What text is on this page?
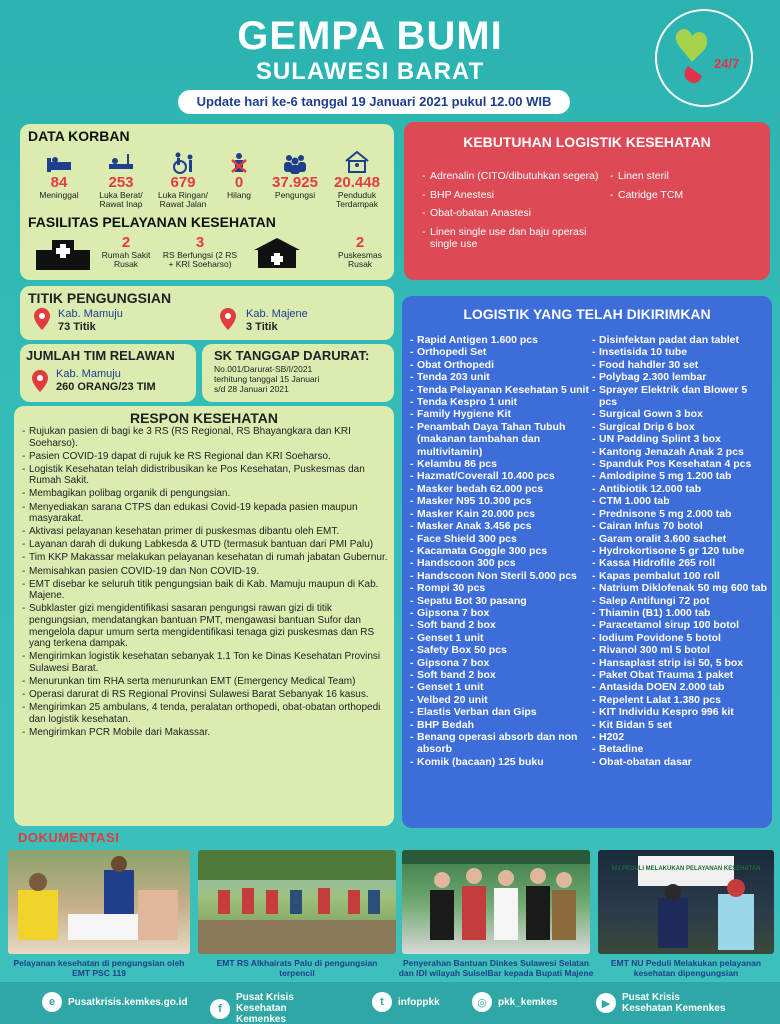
GEMPA BUMI
SULAWESI BARAT
Update hari ke-6 tanggal 19 Januari 2021 pukul 12.00 WIB
24/7
DATA KORBAN
84
Meninggal
253
Luka Berat/ Rawat Inap
679
Luka Ringan/ Rawat Jalan
0
Hilang
37.925
Pengungsi
20.448
Penduduk Terdampak
FASILITAS PELAYANAN KESEHATAN
2
Rumah Sakit Rusak
3
RS Berfungsi (2 RS + KRI Soeharso)
2
Puskesmas Rusak
KEBUTUHAN LOGISTIK KESEHATAN
- Adrenalin (CITO/dibutuhkan segera)
- BHP Anestesi
- Obat-obatan Anastesi
- Linen single use dan baju operasi single use
- Linen steril
- Catridge TCM
TITIK PENGUNGSIAN
Kab. Mamuju
73 Titik
Kab. Majene
3 Titik
JUMLAH TIM RELAWAN
Kab. Mamuju
260 ORANG/23 TIM
SK TANGGAP DARURAT:
No.001/Darurat-SB/I/2021
terhitung tanggal 15 Januari
s/d 28 Januari 2021
RESPON KESEHATAN
- Rujukan pasien di bagi ke 3 RS (RS Regional, RS Bhayangkara dan KRI Soeharso).
- Pasien COVID-19 dapat di rujuk ke RS Regional dan KRI Soeharso.
- Logistik Kesehatan telah didistribusikan ke Pos Kesehatan, Puskesmas dan Rumah Sakit.
- Membagikan polibag organik di pengungsian.
- Menyediakan sarana CTPS dan edukasi Covid-19 kepada pasien maupun masyarakat.
- Aktivasi pelayanan kesehatan primer di puskesmas dibantu oleh EMT.
- Layanan darah di dukung Labkesda & UTD (termasuk bantuan dari PMI Palu)
- Tim KKP Makassar melakukan pelayanan kesehatan di rumah jabatan Gubernur.
- Memisahkan pasien COVID-19 dan Non COVID-19.
- EMT disebar ke seluruh titik pengungsian baik di Kab. Mamuju maupun di Kab. Majene.
- Subklaster gizi mengidentifikasi sasaran pengungsi rawan gizi di titik pengungsian, mendatangkan bantuan PMT, mengawasi bantuan Sufor dan mengelola dapur umum serta mengidentifikasi tenaga gizi puskesmas dan RS yang terkena dampak.
- Mengirimkan logistik kesehatan sebanyak 1.1 Ton ke Dinas Kesehatan Provinsi Sulawesi Barat.
- Menurunkan tim RHA serta menurunkan EMT (Emergency Medical Team)
- Operasi darurat di RS Regional Provinsi Sulawesi Barat Sebanyak 16 kasus.
- Mengirimkan 25 ambulans, 4 tenda, peralatan orthopedi, obat-obatan orthopedi dan logistik kesehatan.
- Mengirimkan PCR Mobile dari Makassar.
LOGISTIK YANG TELAH DIKIRIMKAN
- Rapid Antigen 1.600 pcs
- Orthopedi Set
- Obat Orthopedi
- Tenda 203 unit
- Tenda Pelayanan Kesehatan 5 unit
- Tenda Kespro 1 unit
- Family Hygiene Kit
- Penambah Daya Tahan Tubuh (makanan tambahan dan multivitamin)
- Kelambu 86 pcs
- Hazmat/Coverall 10.400 pcs
- Masker bedah 62.000 pcs
- Masker N95 10.300 pcs
- Masker Kain 20.000 pcs
- Masker Anak 3.456 pcs
- Face Shield 300 pcs
- Kacamata Goggle 300 pcs
- Handscoon 300 pcs
- Handscoon Non Steril 5.000 pcs
- Rompi 30 pcs
- Sepatu Bot 30 pasang
- Gipsona 7 box
- Soft band 2 box
- Genset 1 unit
- Safety Box 50 pcs
- Gipsona 7 box
- Soft band 2 box
- Genset 1 unit
- Velbed 20 unit
- Elastis Verban dan Gips
- BHP Bedah
- Benang operasi absorb dan non absorb
- Komik (bacaan) 125 buku
- Disinfektan padat dan tablet
- Insetisida 10 tube
- Food hahdler 30 set
- Polybag 2.300 lembar
- Sprayer Elektrik dan Blower 5 pcs
- Surgical Gown 3 box
- Surgical Drip 6 box
- UN Padding Splint 3 box
- Kantong Jenazah Anak 2 pcs
- Spanduk Pos Kesehatan 4 pcs
- Amlodipine 5 mg 1.200 tab
- Antibiotik 12.000 tab
- CTM 1.000 tab
- Prednisone 5 mg 2.000 tab
- Cairan Infus 70 botol
- Garam oralit 3.600 sachet
- Hydrokortisone 5 gr 120 tube
- Kassa Hidrofile 265 roll
- Kapas pembalut 100 roll
- Natrium Diklofenak 50 mg 600 tab
- Salep Antifungi 72 pot
- Thiamin (B1) 1.000 tab
- Paracetamol sirup 100 botol
- Iodium Povidone 5 botol
- Rivanol 300 ml 5 botol
- Hansaplast strip isi 50, 5 box
- Paket Obat Trauma 1 paket
- Antasida DOEN 2.000 tab
- Repelent Lalat 1.380 pcs
- KIT Individu Kespro 996 kit
- Kit Bidan 5 set
- H202
- Betadine
- Obat-obatan dasar
DOKUMENTASI
Pelayanan kesehatan di pengungsian oleh EMT PSC 119
EMT RS Alkhairats Palu di pengungsian terpencil
Penyerahan Bantuan Dinkes Sulawesi Selatan dan IDI wilayah SulselBar kepada Bupati Majene
NU PEDULI MELAKUKAN PELAYANAN KESEHATAN
EMT NU Peduli Melakukan pelayanan kesehatan dipengungsian
e	Pusatkrisis.kemkes.go.id
f
Pusat Krisis Kesehatan Kemenkes
t	infoppkk	◎	pkk_kemkes	▶	Pusat Krisis Kesehatan Kemenkes
